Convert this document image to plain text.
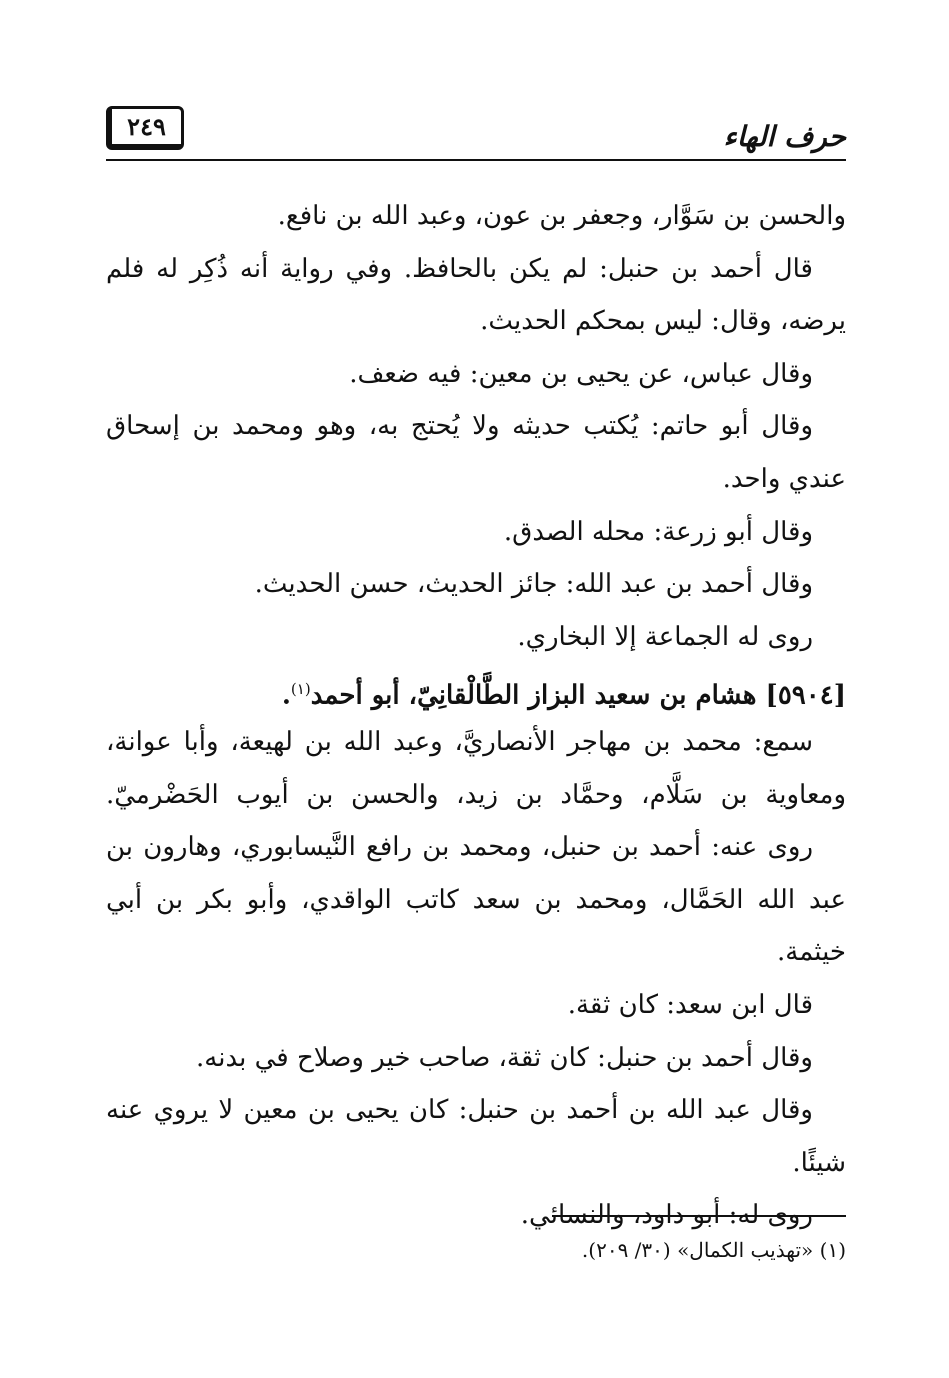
حرف الهاء
٢٤٩
والحسن بن سَوَّار، وجعفر بن عون، وعبد الله بن نافع.
قال أحمد بن حنبل: لم يكن بالحافظ. وفي رواية أنه ذُكِر له فلم
يرضه، وقال: ليس بمحكم الحديث.
وقال عباس، عن يحيى بن معين: فيه ضعف.
وقال أبو حاتم: يُكتب حديثه ولا يُحتج به، وهو ومحمد بن إسحاق
عندي واحد.
وقال أبو زرعة: محله الصدق.
وقال أحمد بن عبد الله: جائز الحديث، حسن الحديث.
روى له الجماعة إلا البخاري.
[٥٩٠٤] هشام بن سعيد البزاز الطَّالْقانِيّ، أبو أحمد$^{(١)}$.
سمع: محمد بن مهاجر الأنصاريَّ، وعبد الله بن لهيعة، وأبا عوانة،
ومعاوية بن سَلَّام، وحمَّاد بن زيد، والحسن بن أيوب الحَضْرميّ.
روى عنه: أحمد بن حنبل، ومحمد بن رافع النَّيسابوري، وهارون بن
عبد الله الحَمَّال، ومحمد بن سعد كاتب الواقدي، وأبو بكر بن أبي
خيثمة.
قال ابن سعد: كان ثقة.
وقال أحمد بن حنبل: كان ثقة، صاحب خير وصلاح في بدنه.
وقال عبد الله بن أحمد بن حنبل: كان يحيى بن معين لا يروي عنه
شيئًا.
روى له: أبو داود، والنسائي.
(١) «تهذيب الكمال» (٣٠/ ٢٠٩).
